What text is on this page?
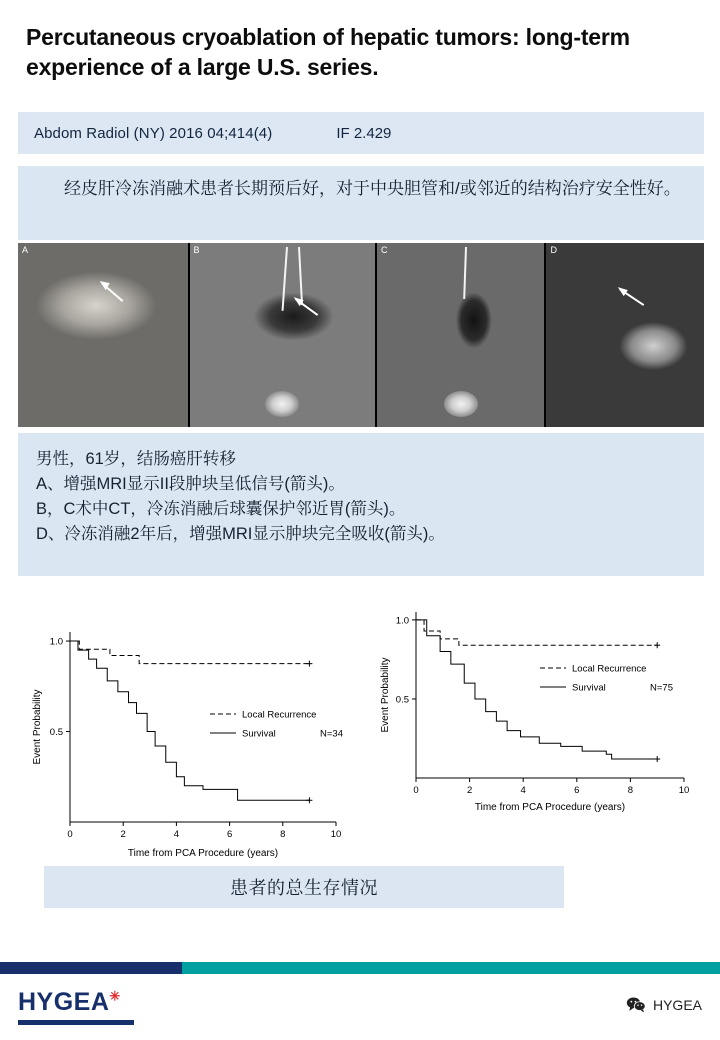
Percutaneous cryoablation of hepatic tumors: long-term experience of a large U.S. series.
Abdom Radiol (NY) 2016 04;414(4)	IF 2.429
经皮肝冷冻消融术患者长期预后好，对于中央胆管和/或邻近的结构治疗安全性好。
A	B	C	D
男性，61岁，结肠癌肝转移
A、增强MRI显示II段肿块呈低信号(箭头)。
B，C术中CT，冷冻消融后球囊保护邻近胃(箭头)。
D、冷冻消融2年后，增强MRI显示肿块完全吸收(箭头)。
0	2	4	6	8	10
0.5
1.0
Time from PCA Procedure (years)
Event Probability	Local Recurrence
Survival	N=34
0	2	4	6	8	10
0.5
1.0
Time from PCA Procedure (years)
Event Probability	Local Recurrence
Survival	N=75
患者的总生存情况
HYGEA✳
HYGEA
